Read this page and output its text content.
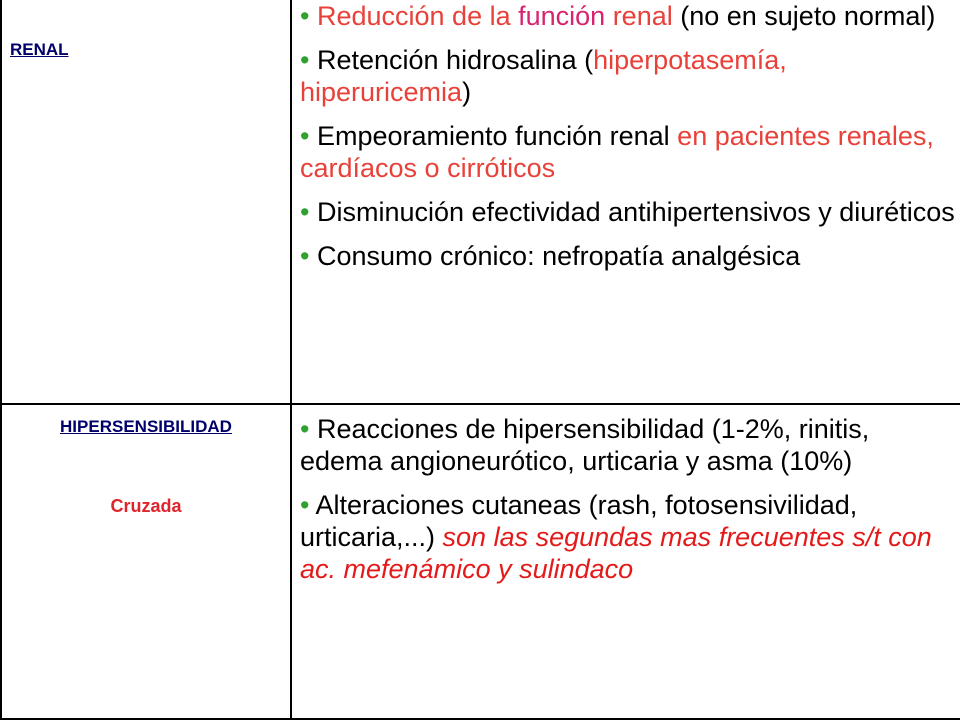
RENAL

• Reducción de la función renal (no en sujeto normal)

• Retención hidrosalina (hiperpotasemía, hiperuricemia)

• Empeoramiento función renal en pacientes renales, cardíacos o cirróticos

• Disminución efectividad antihipertensivos y diuréticos

• Consumo crónico: nefropatía analgésica

HIPERSENSIBILIDAD
Cruzada

• Reacciones de hipersensibilidad (1-2%, rinitis, edema angioneurótico, urticaria y asma (10%)

• Alteraciones cutaneas (rash, fotosensivilidad, urticaria,...) son las segundas mas frecuentes s/t con ac. mefenámico y sulindaco
